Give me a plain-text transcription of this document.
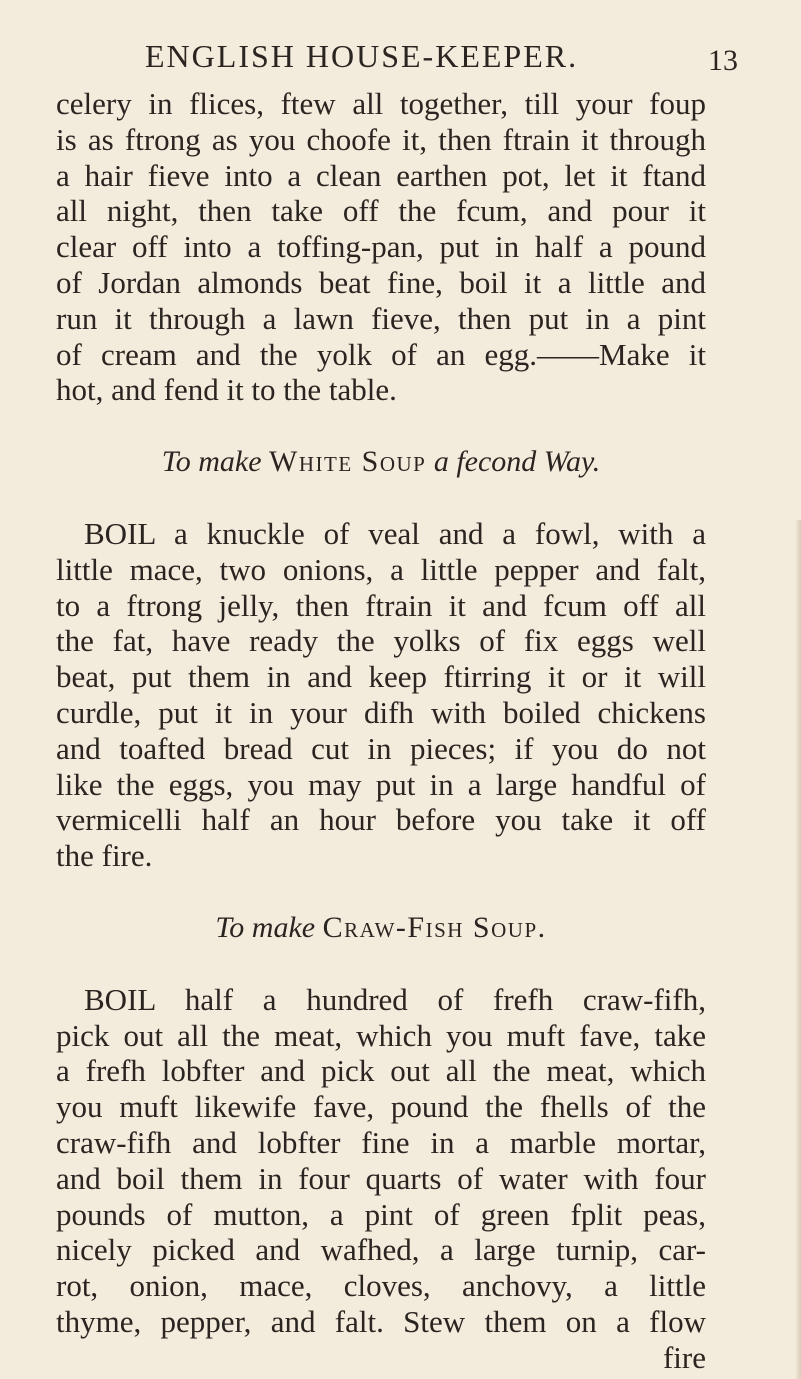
ENGLISH HOUSE-KEEPER.	13
celery in flices, ftew all together, till your foup
is as ftrong as you choofe it, then ftrain it through
a hair fieve into a clean earthen pot, let it ftand
all night, then take off the fcum, and pour it
clear off into a toffing-pan, put in half a pound
of Jordan almonds beat fine, boil it a little and
run it through a lawn fieve, then put in a pint
of cream and the yolk of an egg.——Make it
hot, and fend it to the table.
To make White Soup a fecond Way.
BOIL a knuckle of veal and a fowl, with a
little mace, two onions, a little pepper and falt,
to a ftrong jelly, then ftrain it and fcum off all
the fat, have ready the yolks of fix eggs well
beat, put them in and keep ftirring it or it will
curdle, put it in your difh with boiled chickens
and toafted bread cut in pieces; if you do not
like the eggs, you may put in a large handful of
vermicelli half an hour before you take it off
the fire.
To make Craw-Fish Soup.
BOIL half a hundred of frefh craw-fifh,
pick out all the meat, which you muft fave, take
a frefh lobfter and pick out all the meat, which
you muft likewife fave, pound the fhells of the
craw-fifh and lobfter fine in a marble mortar,
and boil them in four quarts of water with four
pounds of mutton, a pint of green fplit peas,
nicely picked and wafhed, a large turnip, car-
rot, onion, mace, cloves, anchovy, a little
thyme, pepper, and falt. Stew them on a flow
fire
